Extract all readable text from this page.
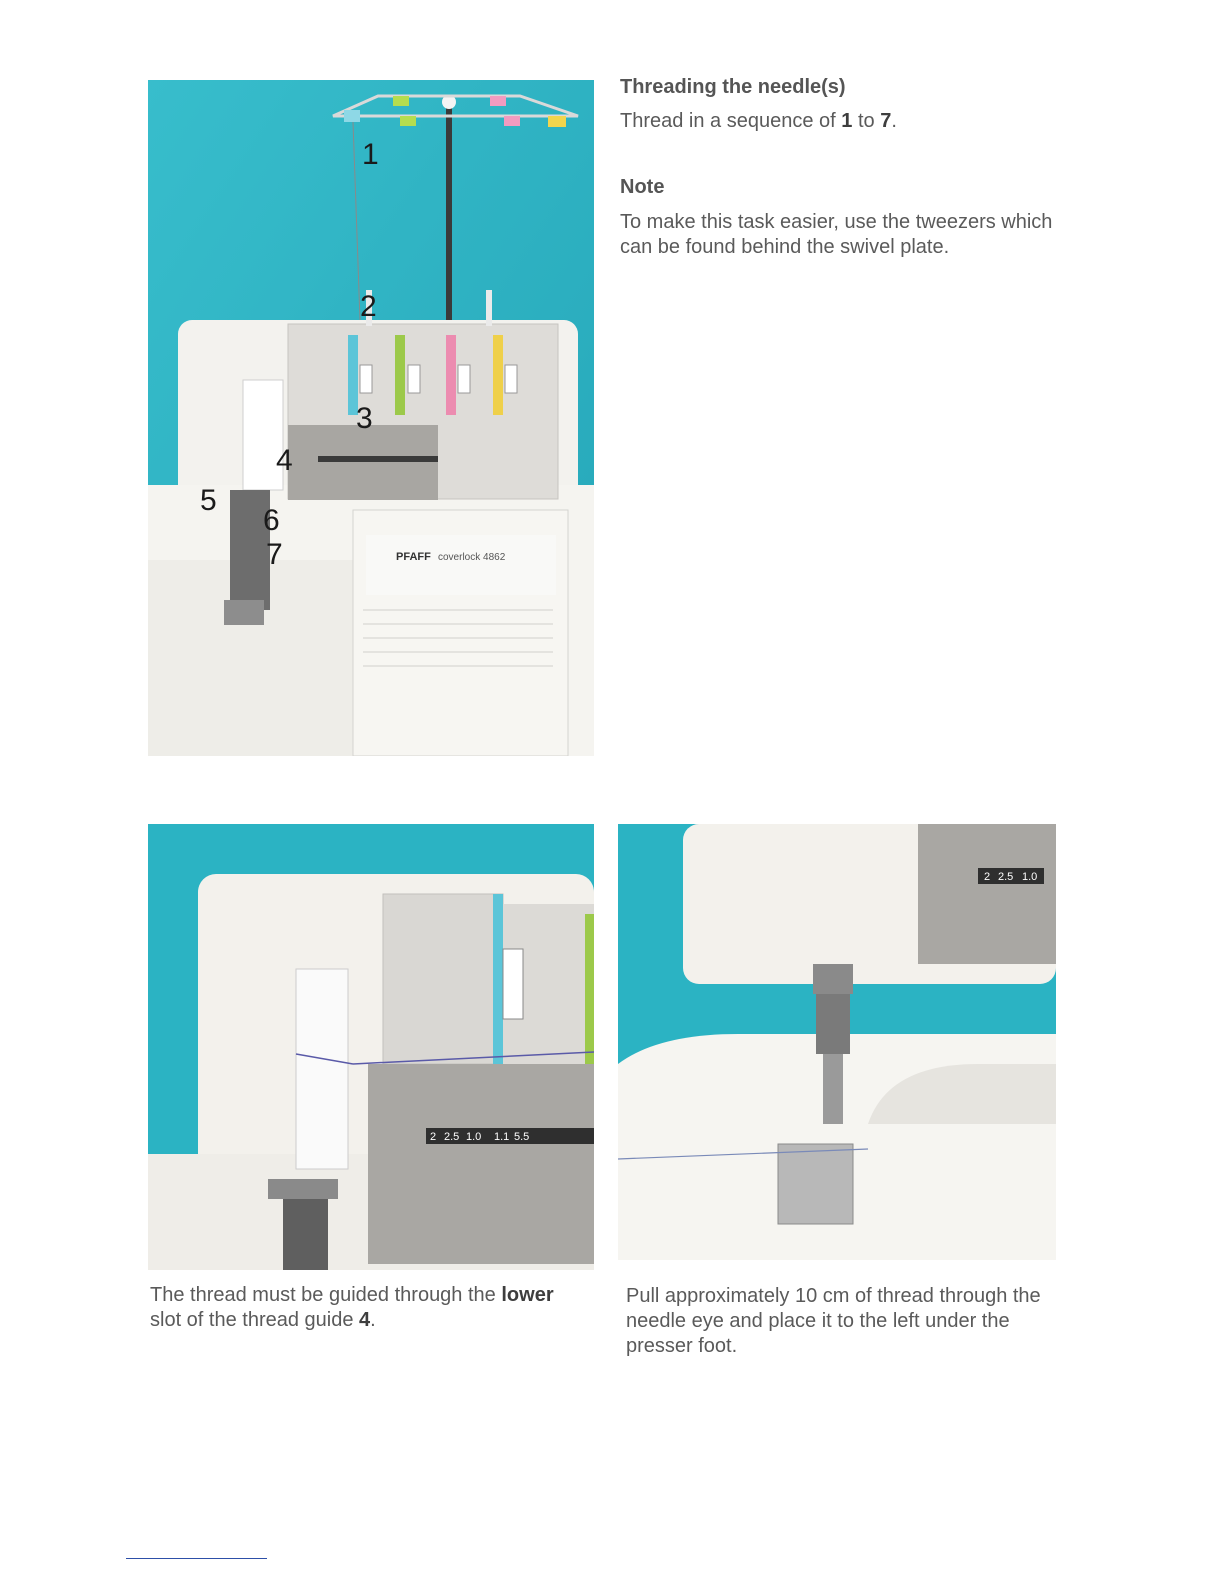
PFAFF coverlock 4862
1
2
3
4
5
6
7
Threading the needle(s)
Thread in a sequence of 1 to 7.
Note
To make this task easier, use the tweezers which can be found behind the swivel plate.
2 2.5 1.0 1.1 5.5
The thread must be guided through the lower slot of the thread guide 4.
2 2.5 1.0
Pull approximately 10 cm of thread through the needle eye and place it to the left under the presser foot.
